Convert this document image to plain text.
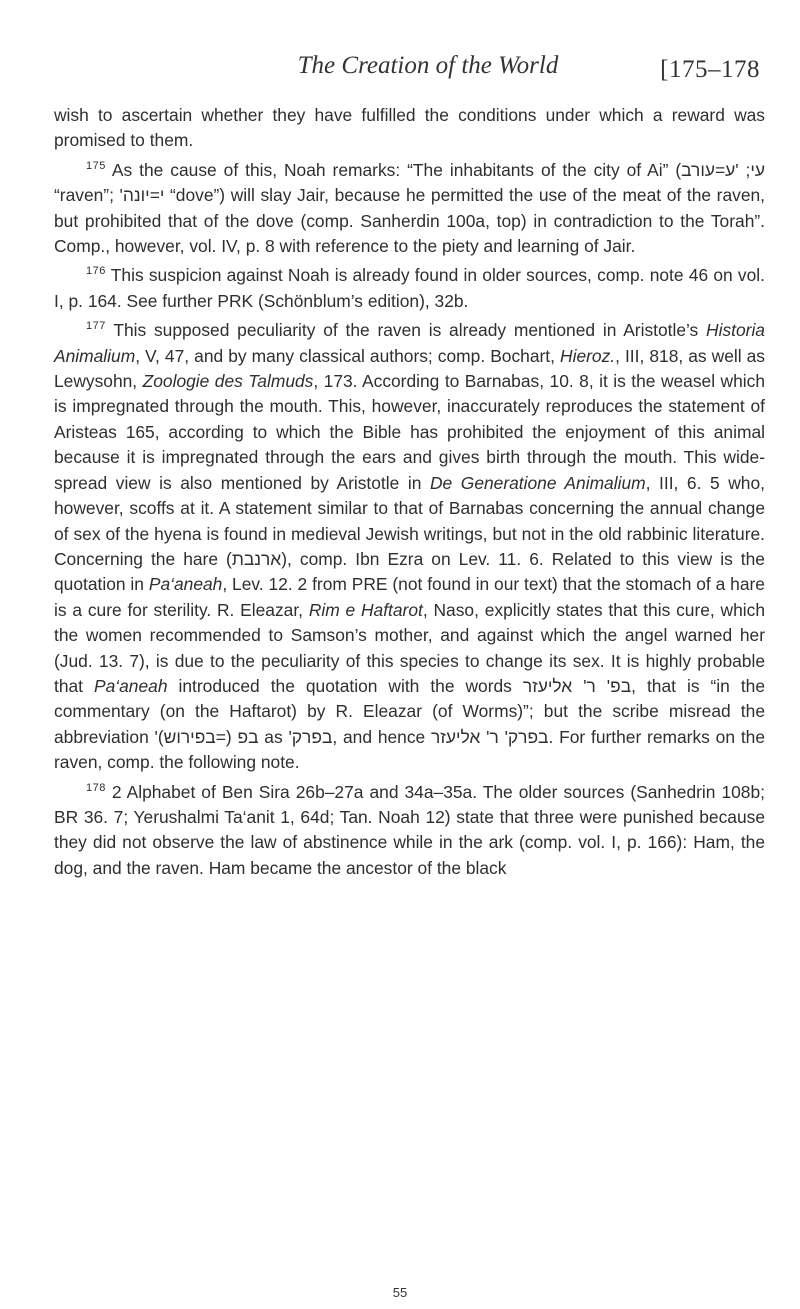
The Creation of the World	[175–178

wish to ascertain whether they have fulfilled the conditions under which a reward was promised to them.

$^{175}$ As the cause of this, Noah remarks: “The inhabitants of the city of Ai” (עי; 'ע=עורב “raven”; 'י=יונה “dove”) will slay Jair, because he permitted the use of the meat of the raven, but prohibited that of the dove (comp. Sanherdin 100a, top) in contradiction to the Torah”. Comp., however, vol. IV, p. 8 with reference to the piety and learning of Jair.

$^{176}$ This suspicion against Noah is already found in older sources, comp. note 46 on vol. I, p. 164. See further PRK (Schönblum’s edition), 32b.

$^{177}$ This supposed peculiarity of the raven is already mentioned in Aristotle’s Historia Animalium, V, 47, and by many classical authors; comp. Bochart, Hieroz., III, 818, as well as Lewysohn, Zoologie des Talmuds, 173. According to Barnabas, 10. 8, it is the weasel which is impregnated through the mouth. This, however, inaccurately reproduces the statement of Aristeas 165, according to which the Bible has prohibited the enjoyment of this animal because it is impregnated through the ears and gives birth through the mouth. This wide-spread view is also mentioned by Aristotle in De Generatione Animalium, III, 6. 5 who, however, scoffs at it. A statement similar to that of Barnabas concerning the annual change of sex of the hyena is found in medieval Jewish writings, but not in the old rabbinic literature. Concerning the hare (ארנבת), comp. Ibn Ezra on Lev. 11. 6. Related to this view is the quotation in Pa‘aneah, Lev. 12. 2 from PRE (not found in our text) that the stomach of a hare is a cure for sterility. R. Eleazar, Rim e Haftarot, Naso, explicitly states that this cure, which the women recommended to Samson’s mother, and against which the angel warned her (Jud. 13. 7), is due to the peculiarity of this species to change its sex. It is highly probable that Pa‘aneah introduced the quotation with the words בפ' ר' אליעזר, that is “in the commentary (on the Haftarot) by R. Eleazar (of Worms)”; but the scribe misread the abbreviation 'בפ (=בפירוש) as 'בפרק, and hence בפרק' ר' אליעזר. For further remarks on the raven, comp. the following note.

$^{178}$ 2 Alphabet of Ben Sira 26b–27a and 34a–35a. The older sources (Sanhedrin 108b; BR 36. 7; Yerushalmi Ta‘anit 1, 64d; Tan. Noah 12) state that three were punished because they did not observe the law of abstinence while in the ark (comp. vol. I, p. 166): Ham, the dog, and the raven. Ham became the ancestor of the black

55
